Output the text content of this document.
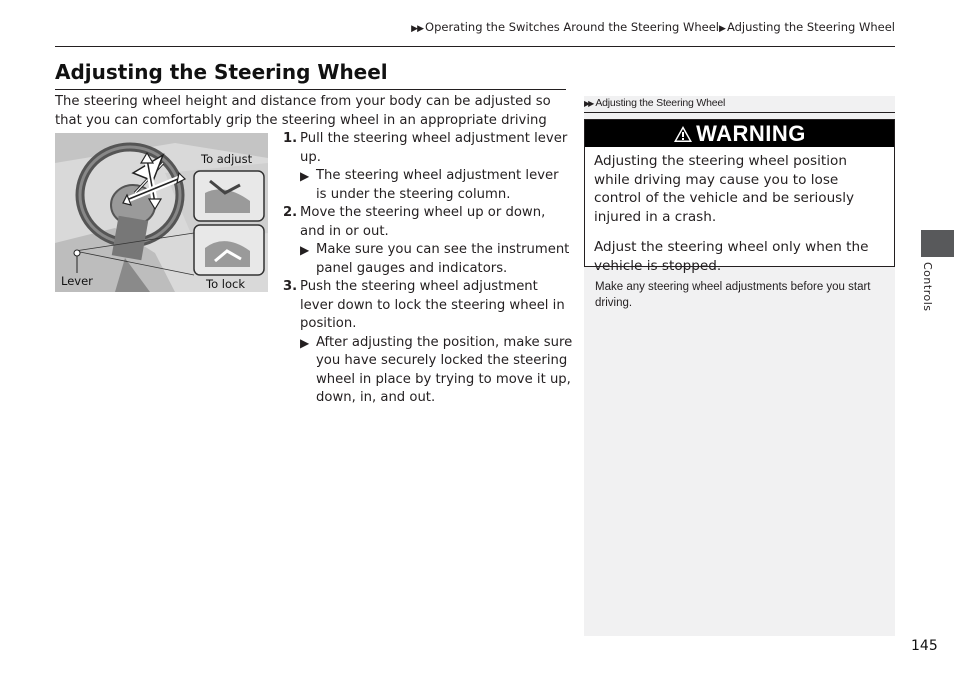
▶▶ Operating the Switches Around the Steering Wheel▶ Adjusting the Steering Wheel
Adjusting the Steering Wheel

The steering wheel height and distance from your body can be adjusted so that you can comfortably grip the steering wheel in an appropriate driving

To adjust
Lever	To lock
1. Pull the steering wheel adjustment lever up.
▶ The steering wheel adjustment lever is under the steering column.
2. Move the steering wheel up or down, and in or out.
▶ Make sure you can see the instrument panel gauges and indicators.
3. Push the steering wheel adjustment lever down to lock the steering wheel in position.
▶ After adjusting the position, make sure you have securely locked the steering wheel in place by trying to move it up, down, in, and out.
▶▶ Adjusting the Steering Wheel
WARNING

Adjusting the steering wheel position while driving may cause you to lose control of the vehicle and be seriously injured in a crash.

Adjust the steering wheel only when the vehicle is stopped.

Make any steering wheel adjustments before you start driving.	Controls
145
